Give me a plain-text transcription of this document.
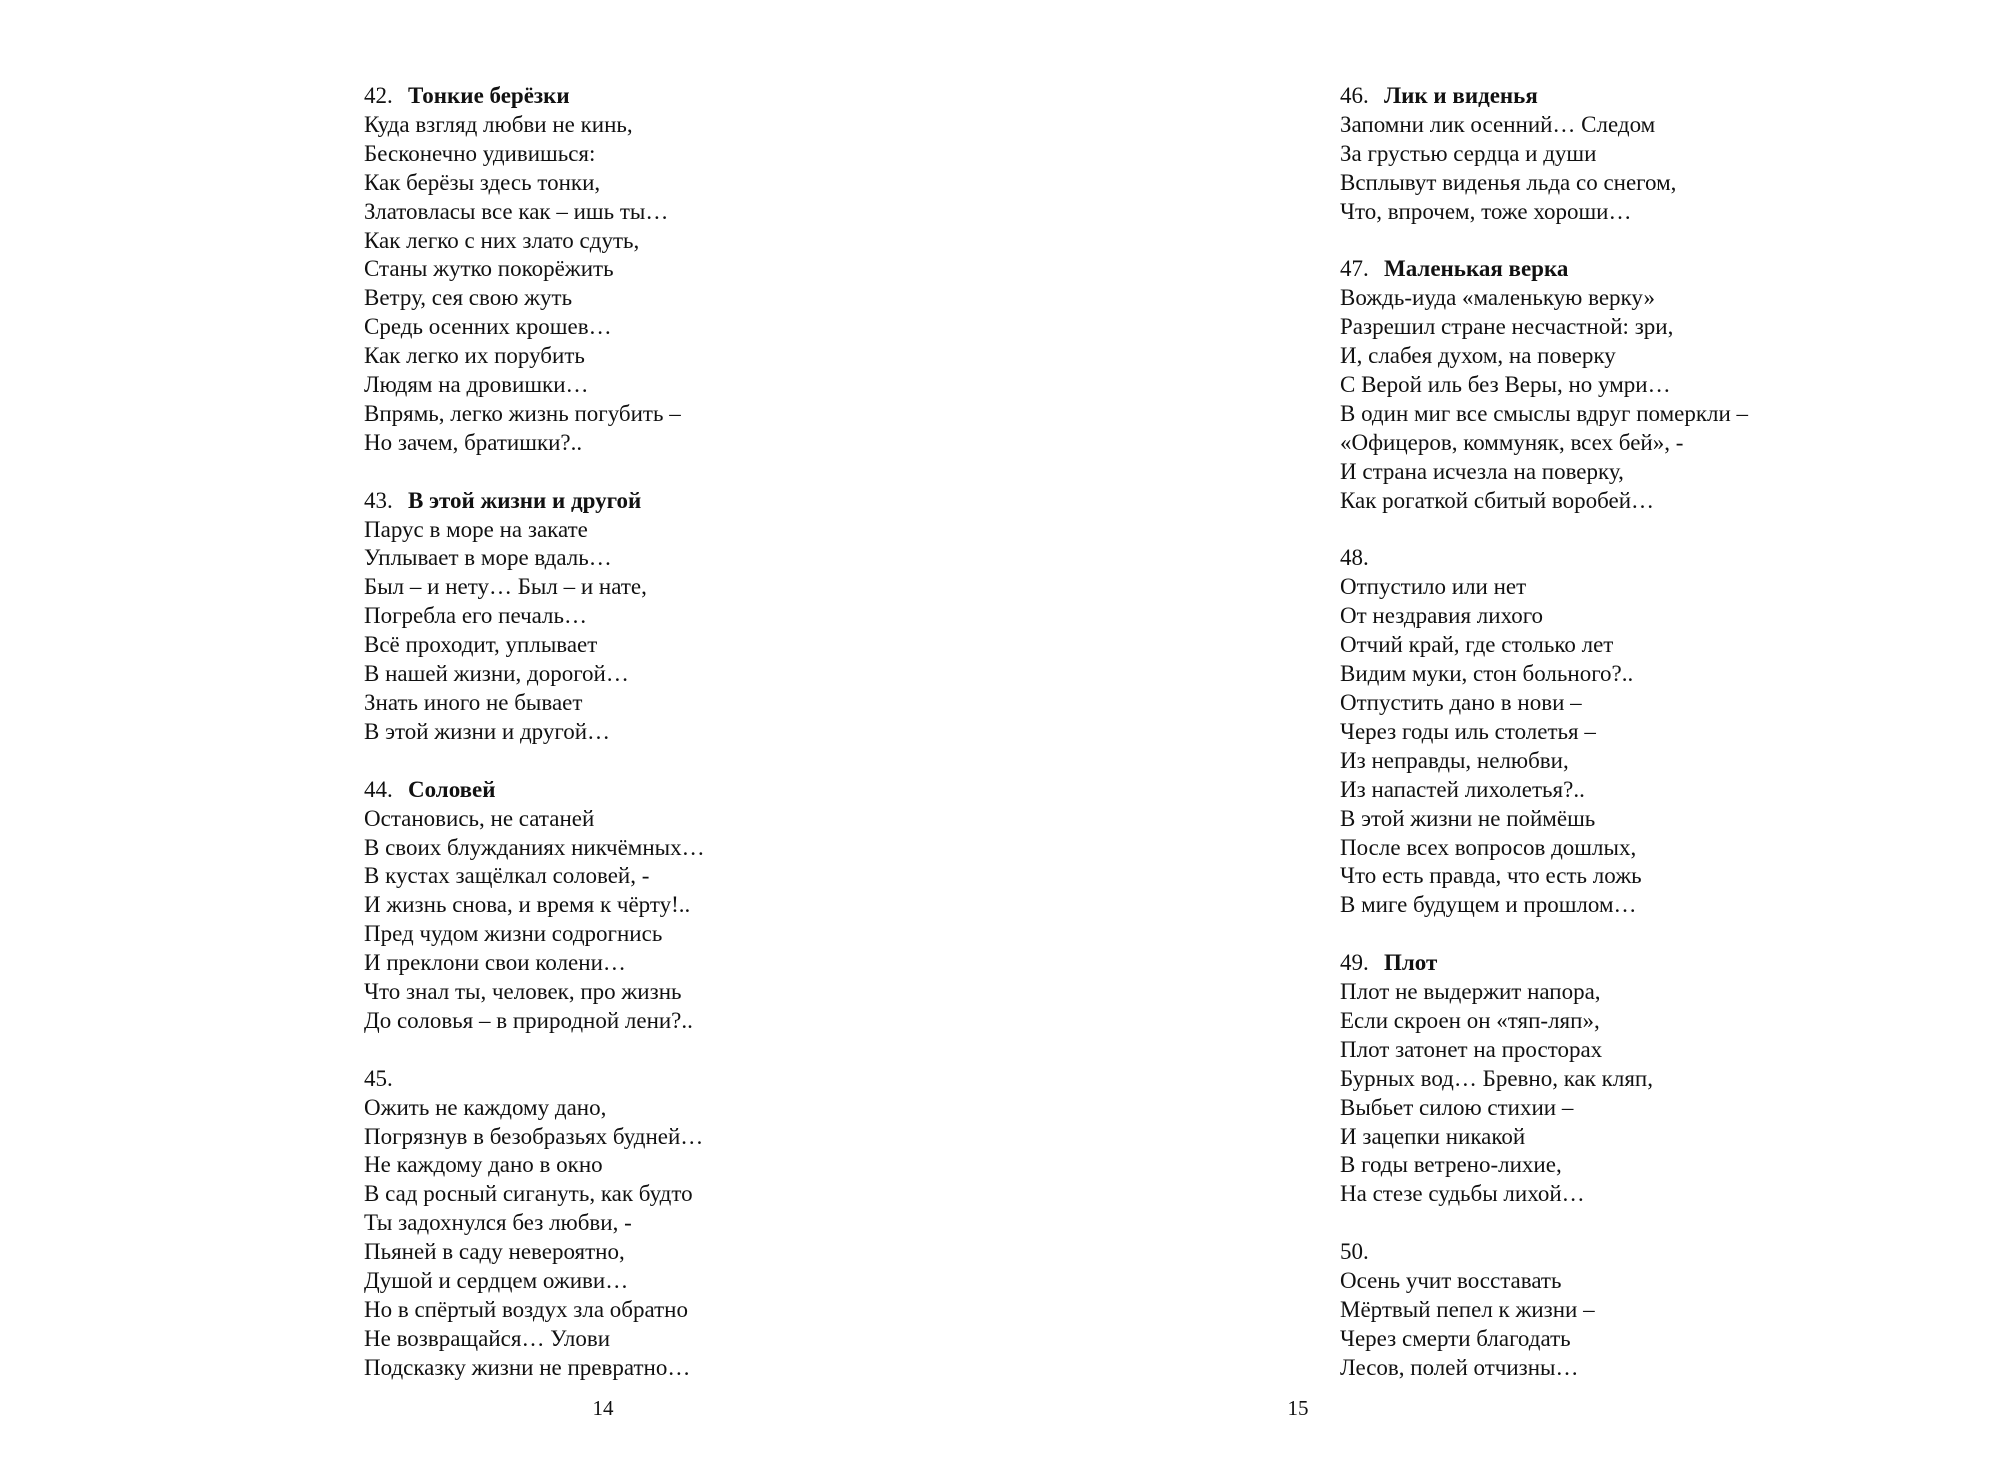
42. Тонкие берёзки
Куда взгляд любви не кинь,
Бесконечно удивишься:
Как берёзы здесь тонки,
Златовласы все как – ишь ты…
Как легко с них злато сдуть,
Станы жутко покорёжить
Ветру, сея свою жуть
Средь осенних крошев…
Как легко их порубить
Людям на дровишки…
Впрямь, легко жизнь погубить –
Но зачем, братишки?..
43. В этой жизни и другой
Парус в море на закате
Уплывает в море вдаль…
Был – и нету… Был – и нате,
Погребла его печаль…
Всё проходит, уплывает
В нашей жизни, дорогой…
Знать иного не бывает
В этой жизни и другой…
44. Соловей
Остановись, не сатаней
В своих блужданиях никчёмных…
В кустах защёлкал соловей, -
И жизнь снова, и время к чёрту!..
Пред чудом жизни содрогнись
И преклони свои колени…
Что знал ты, человек, про жизнь
До соловья – в природной лени?..
45.
Ожить не каждому дано,
Погрязнув в безобразьях будней…
Не каждому дано в окно
В сад росный сигануть, как будто
Ты задохнулся без любви, -
Пьяней в саду невероятно,
Душой и сердцем оживи…
Но в спёртый воздух зла обратно
Не возвращайся… Улови
Подсказку жизни не превратно…
14
46. Лик и виденья
Запомни лик осенний… Следом
За грустью сердца и души
Всплывут виденья льда со снегом,
Что, впрочем, тоже хороши…
47. Маленькая верка
Вождь-иуда «маленькую верку»
Разрешил стране несчастной: зри,
И, слабея духом, на поверку
С Верой иль без Веры, но умри…
В один миг все смыслы вдруг померкли –
«Офицеров, коммуняк, всех бей», -
И страна исчезла на поверку,
Как рогаткой сбитый воробей…
48.
Отпустило или нет
От нездравия лихого
Отчий край, где столько лет
Видим муки, стон больного?..
Отпустить дано в нови –
Через годы иль столетья –
Из неправды, нелюбви,
Из напастей лихолетья?..
В этой жизни не поймёшь
После всех вопросов дошлых,
Что есть правда, что есть ложь
В миге будущем и прошлом…
49. Плот
Плот не выдержит напора,
Если скроен он «тяп-ляп»,
Плот затонет на просторах
Бурных вод… Бревно, как кляп,
Выбьет силою стихии –
И зацепки никакой
В годы ветрено-лихие,
На стезе судьбы лихой…
50.
Осень учит восставать
Мёртвый пепел к жизни –
Через смерти благодать
Лесов, полей отчизны…
15
